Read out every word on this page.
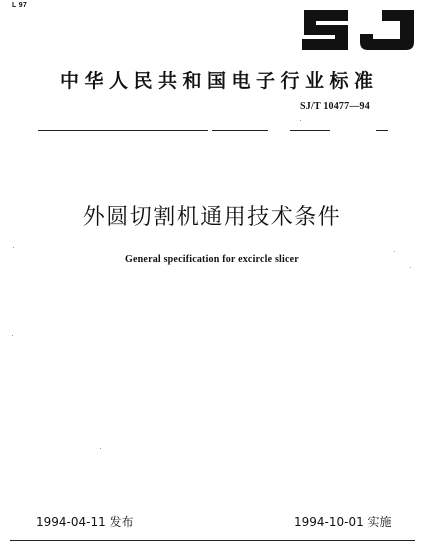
L 97
中华人民共和国电子行业标准
SJ/T 10477—94
外圆切割机通用技术条件
General specification for excircle slicer
1994-04-11 发布	1994-10-01 实施
